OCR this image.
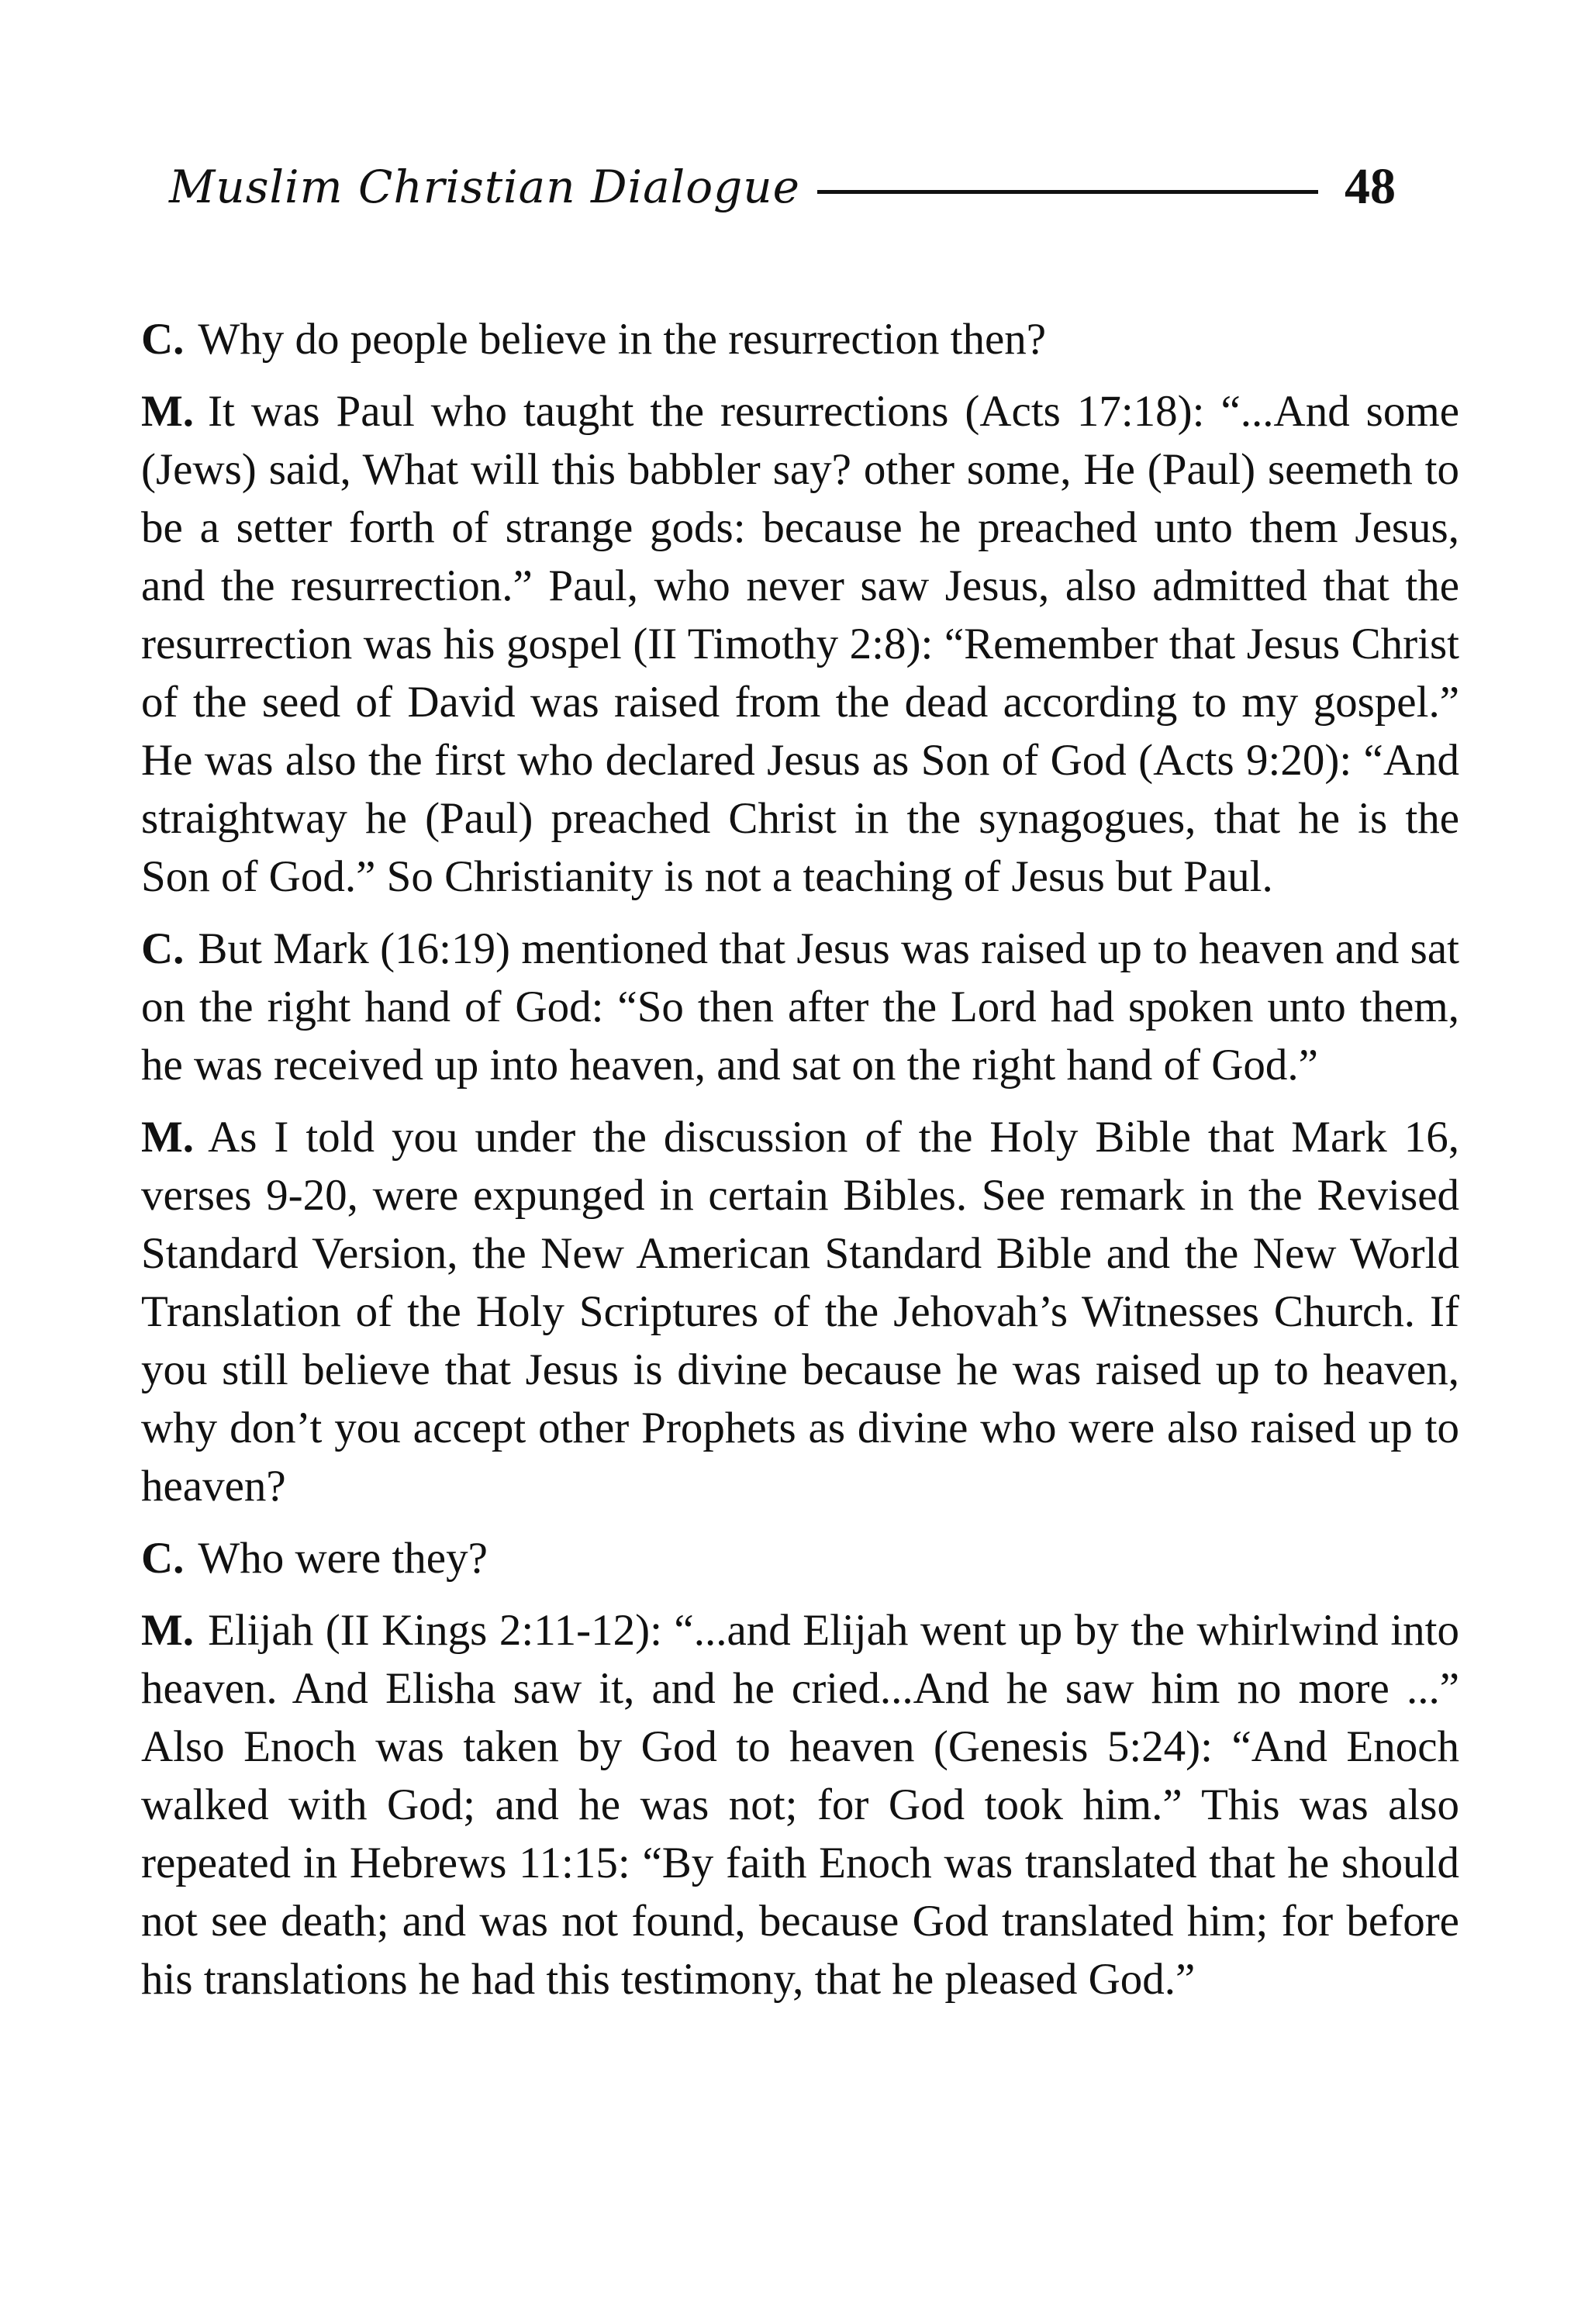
Muslim Christian Dialogue	48

C. Why do people believe in the resurrection then?

M. It was Paul who taught the resurrections (Acts 17:18): “...And some (Jews) said, What will this babbler say? other some, He (Paul) seemeth to be a setter forth of strange gods: because he preached unto them Jesus, and the resurrection.” Paul, who never saw Jesus, also admitted that the resurrection was his gospel (II Timothy 2:8): “Remember that Jesus Christ of the seed of David was raised from the dead according to my gospel.” He was also the first who declared Jesus as Son of God (Acts 9:20): “And straightway he (Paul) preached Christ in the synagogues, that he is the Son of God.” So Christianity is not a teaching of Jesus but Paul.

C. But Mark (16:19) mentioned that Jesus was raised up to heaven and sat on the right hand of God: “So then after the Lord had spoken unto them, he was received up into heaven, and sat on the right hand of God.”

M. As I told you under the discussion of the Holy Bible that Mark 16, verses 9-20, were expunged in certain Bibles. See remark in the Revised Standard Version, the New American Standard Bible and the New World Translation of the Holy Scriptures of the Jehovah’s Witnesses Church. If you still believe that Jesus is divine because he was raised up to heaven, why don’t you accept other Prophets as divine who were also raised up to heaven?

C. Who were they?

M. Elijah (II Kings 2:11-12): “...and Elijah went up by the whirlwind into heaven. And Elisha saw it, and he cried...And he saw him no more ...” Also Enoch was taken by God to heaven (Genesis 5:24): “And Enoch walked with God; and he was not; for God took him.” This was also repeated in Hebrews 11:15: “By faith Enoch was translated that he should not see death; and was not found, because God translated him; for before his translations he had this testimony, that he pleased God.”
